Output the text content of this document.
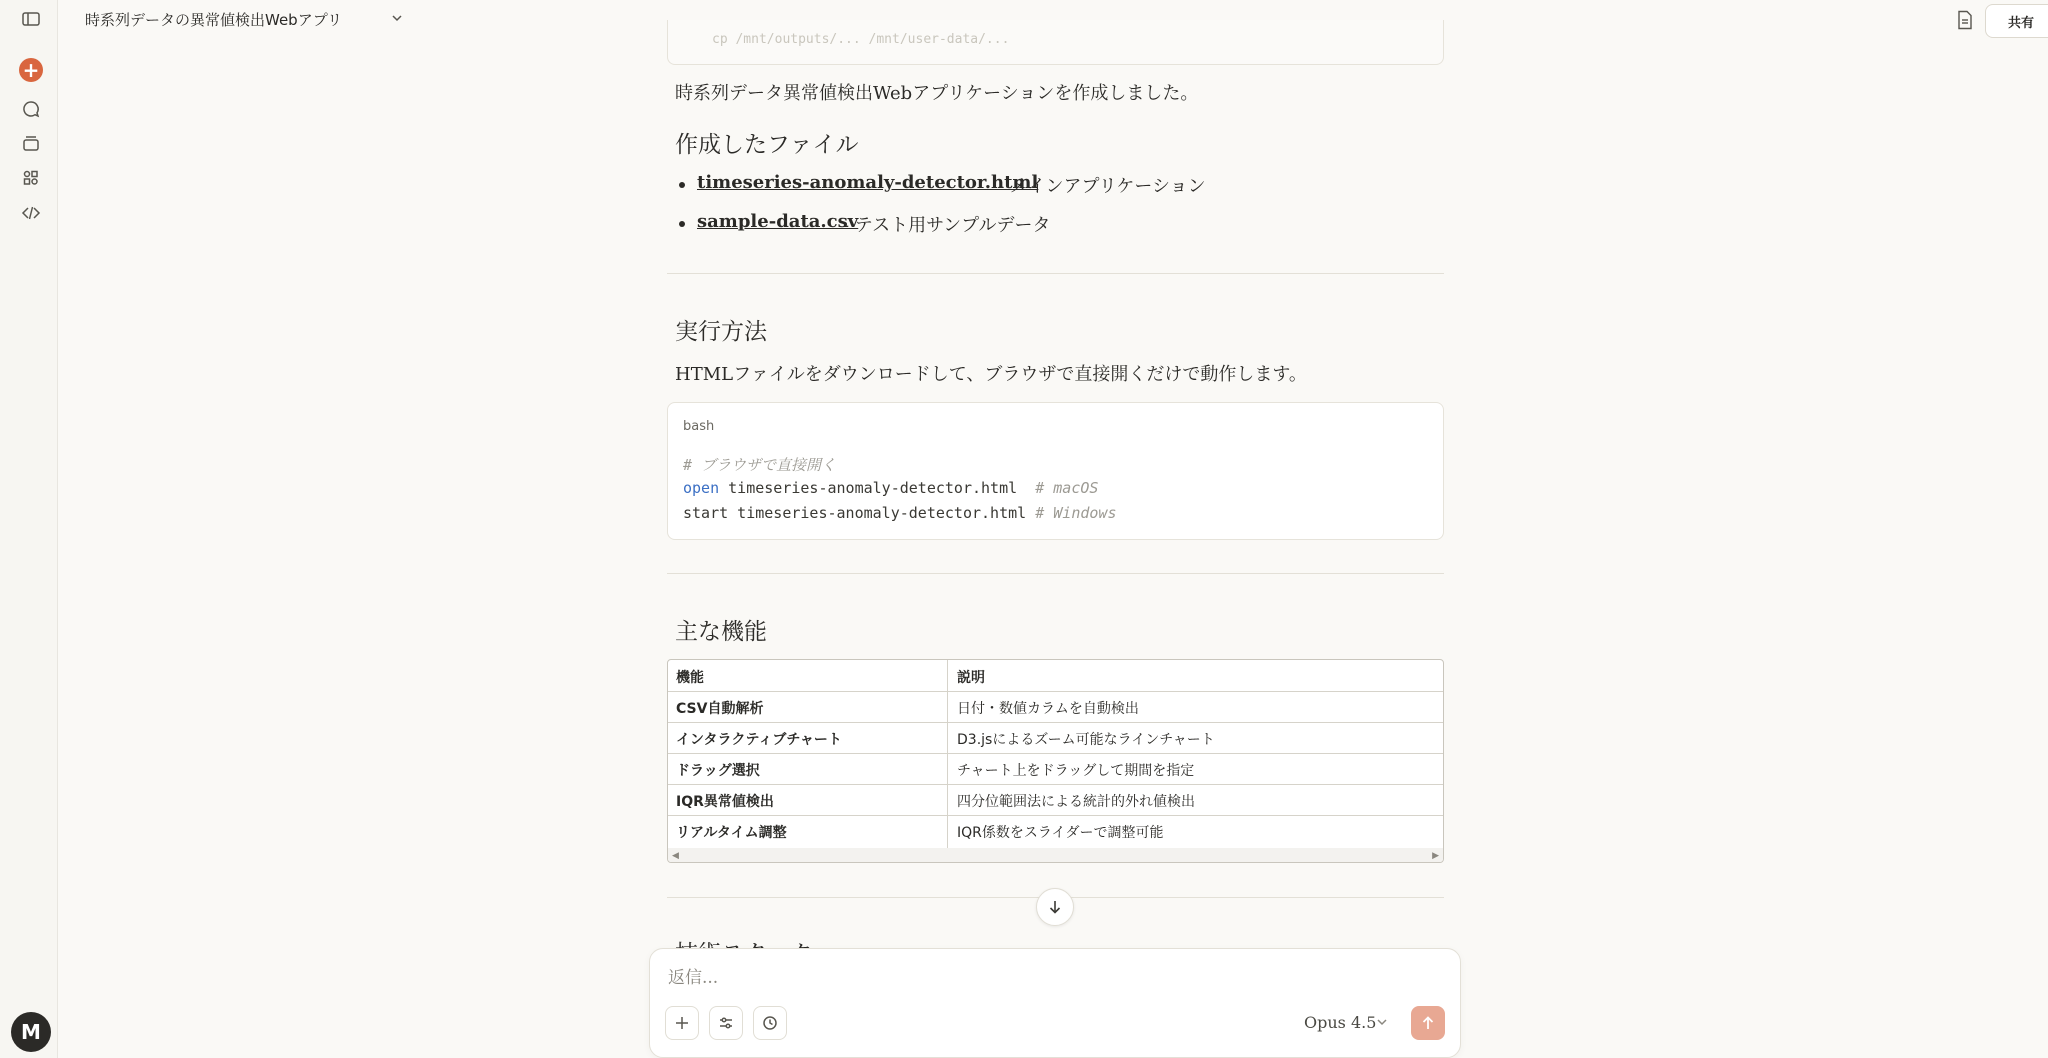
+
M
時系列データの異常値検出Webアプリ	共有
cp /mnt/outputs/... /mnt/user-data/...
時系列データ異常値検出Webアプリケーションを作成しました。
作成したファイル
timeseries-anomaly-detector.html
- メインアプリケーション
sample-data.csv
- テスト用サンプルデータ
実行方法
HTMLファイルをダウンロードして、ブラウザで直接開くだけで動作します。
bash
# ブラウザで直接開く
open timeseries-anomaly-detector.html  # macOS
start timeseries-anomaly-detector.html # Windows
主な機能
機能	説明
CSV自動解析	日付・数値カラムを自動検出
インタラクティブチャート	D3.jsによるズーム可能なラインチャート
ドラッグ選択	チャート上をドラッグして期間を指定
IQR異常値検出	四分位範囲法による統計的外れ値検出
リアルタイム調整	IQR係数をスライダーで調整可能
◀	▶
返信...
Opus 4.5
